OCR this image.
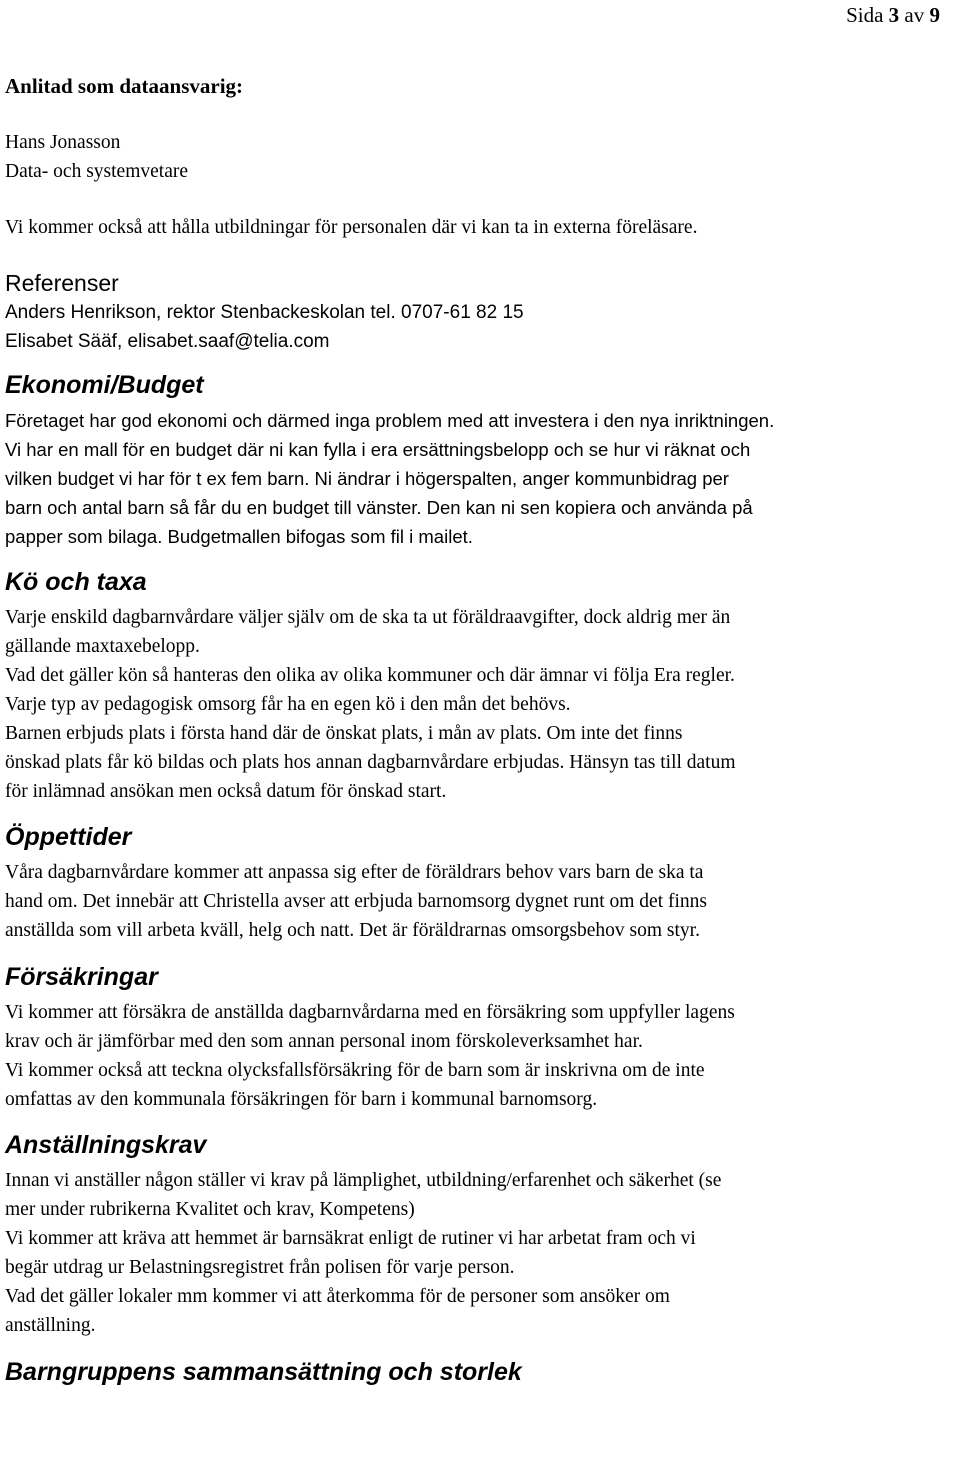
Sida 3 av 9

Anlitad som dataansvarig:

Hans Jonasson

Data- och systemvetare

Vi kommer också att hålla utbildningar för personalen där vi kan ta in externa föreläsare.

Referenser

Anders Henrikson, rektor Stenbackeskolan tel. 0707-61 82 15

Elisabet Sääf, elisabet.saaf@telia.com

Ekonomi/Budget

Företaget har god ekonomi och därmed inga problem med att investera i den nya inriktningen.

Vi har en mall för en budget där ni kan fylla i era ersättningsbelopp och se hur vi räknat och

vilken budget vi har för t ex fem barn. Ni ändrar i högerspalten, anger kommunbidrag per

barn och antal barn så får du en budget till vänster. Den kan ni sen kopiera och använda på

papper som bilaga. Budgetmallen bifogas som fil i mailet.

Kö och taxa

Varje enskild dagbarnvårdare väljer själv om de ska ta ut föräldraavgifter, dock aldrig mer än

gällande maxtaxebelopp.

Vad det gäller kön så hanteras den olika av olika kommuner och där ämnar vi följa Era regler.

Varje typ av pedagogisk omsorg får ha en egen kö i den mån det behövs.

Barnen erbjuds plats i första hand där de önskat plats, i mån av plats. Om inte det finns

önskad plats får kö bildas och plats hos annan dagbarnvårdare erbjudas. Hänsyn tas till datum

för inlämnad ansökan men också datum för önskad start.

Öppettider

Våra dagbarnvårdare kommer att anpassa sig efter de föräldrars behov vars barn de ska ta

hand om. Det innebär att Christella avser att erbjuda barnomsorg dygnet runt om det finns

anställda som vill arbeta kväll, helg och natt. Det är föräldrarnas omsorgsbehov som styr.

Försäkringar

Vi kommer att försäkra de anställda dagbarnvårdarna med en försäkring som uppfyller lagens

krav och är jämförbar med den som annan personal inom förskoleverksamhet har.

Vi kommer också att teckna olycksfallsförsäkring för de barn som är inskrivna om de inte

omfattas av den kommunala försäkringen för barn i kommunal barnomsorg.

Anställningskrav

Innan vi anställer någon ställer vi krav på lämplighet, utbildning/erfarenhet och säkerhet (se

mer under rubrikerna Kvalitet och krav, Kompetens)

Vi kommer att kräva att hemmet är barnsäkrat enligt de rutiner vi har arbetat fram och vi

begär utdrag ur Belastningsregistret från polisen för varje person.

Vad det gäller lokaler mm kommer vi att återkomma för de personer som ansöker om

anställning.

Barngruppens sammansättning och storlek
